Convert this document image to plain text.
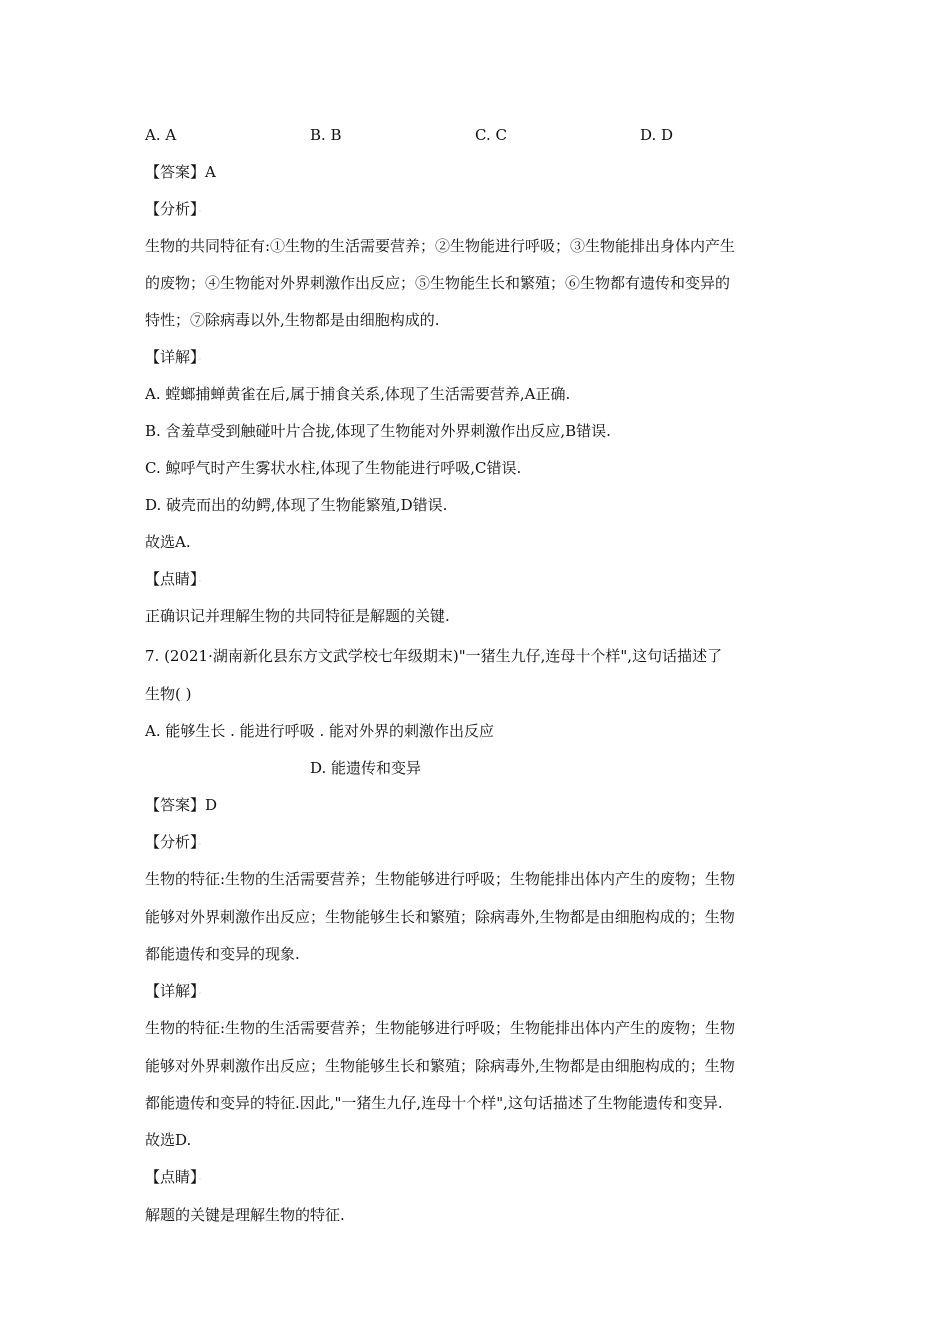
A. A	B. B	C. C	D. D
【答案】A
【分析】·
生物的共同特征有:①生物的生活需要营养；②生物能进行呼吸；③生物能排出身体内产生
的废物；④生物能对外界刺激作出反应；⑤生物能生长和繁殖；⑥生物都有遗传和变异的
特性；⑦除病毒以外,生物都是由细胞构成的.
【详解】·
A. 螳螂捕蝉黄雀在后,属于捕食关系,体现了生活需要营养,A正确.
B. 含羞草受到触碰叶片合拢,体现了生物能对外界刺激作出反应,B错误.
C. 鲸呼气时产生雾状水柱,体现了生物能进行呼吸,C错误.
D. 破壳而出的幼鳄,体现了生物能繁殖,D错误.
故选A.
【点睛】·
正确识记并理解生物的共同特征是解题的关键.
7. (2021·湖南新化县东方文武学校七年级期末)"一猪生九仔,连母十个样",这句话描述了
生物( )
A. 能够生长 . 能进行呼吸 . 能对外界的刺激作出反应
D. 能遗传和变异
【答案】D
【分析】·
生物的特征:生物的生活需要营养；生物能够进行呼吸；生物能排出体内产生的废物；生物
能够对外界刺激作出反应；生物能够生长和繁殖；除病毒外,生物都是由细胞构成的；生物
都能遗传和变异的现象.
【详解】·
生物的特征:生物的生活需要营养；生物能够进行呼吸；生物能排出体内产生的废物；生物
能够对外界刺激作出反应；生物能够生长和繁殖；除病毒外,生物都是由细胞构成的；生物
都能遗传和变异的特征.因此,"一猪生九仔,连母十个样",这句话描述了生物能遗传和变异.
故选D.
【点睛】·
解题的关键是理解生物的特征.
